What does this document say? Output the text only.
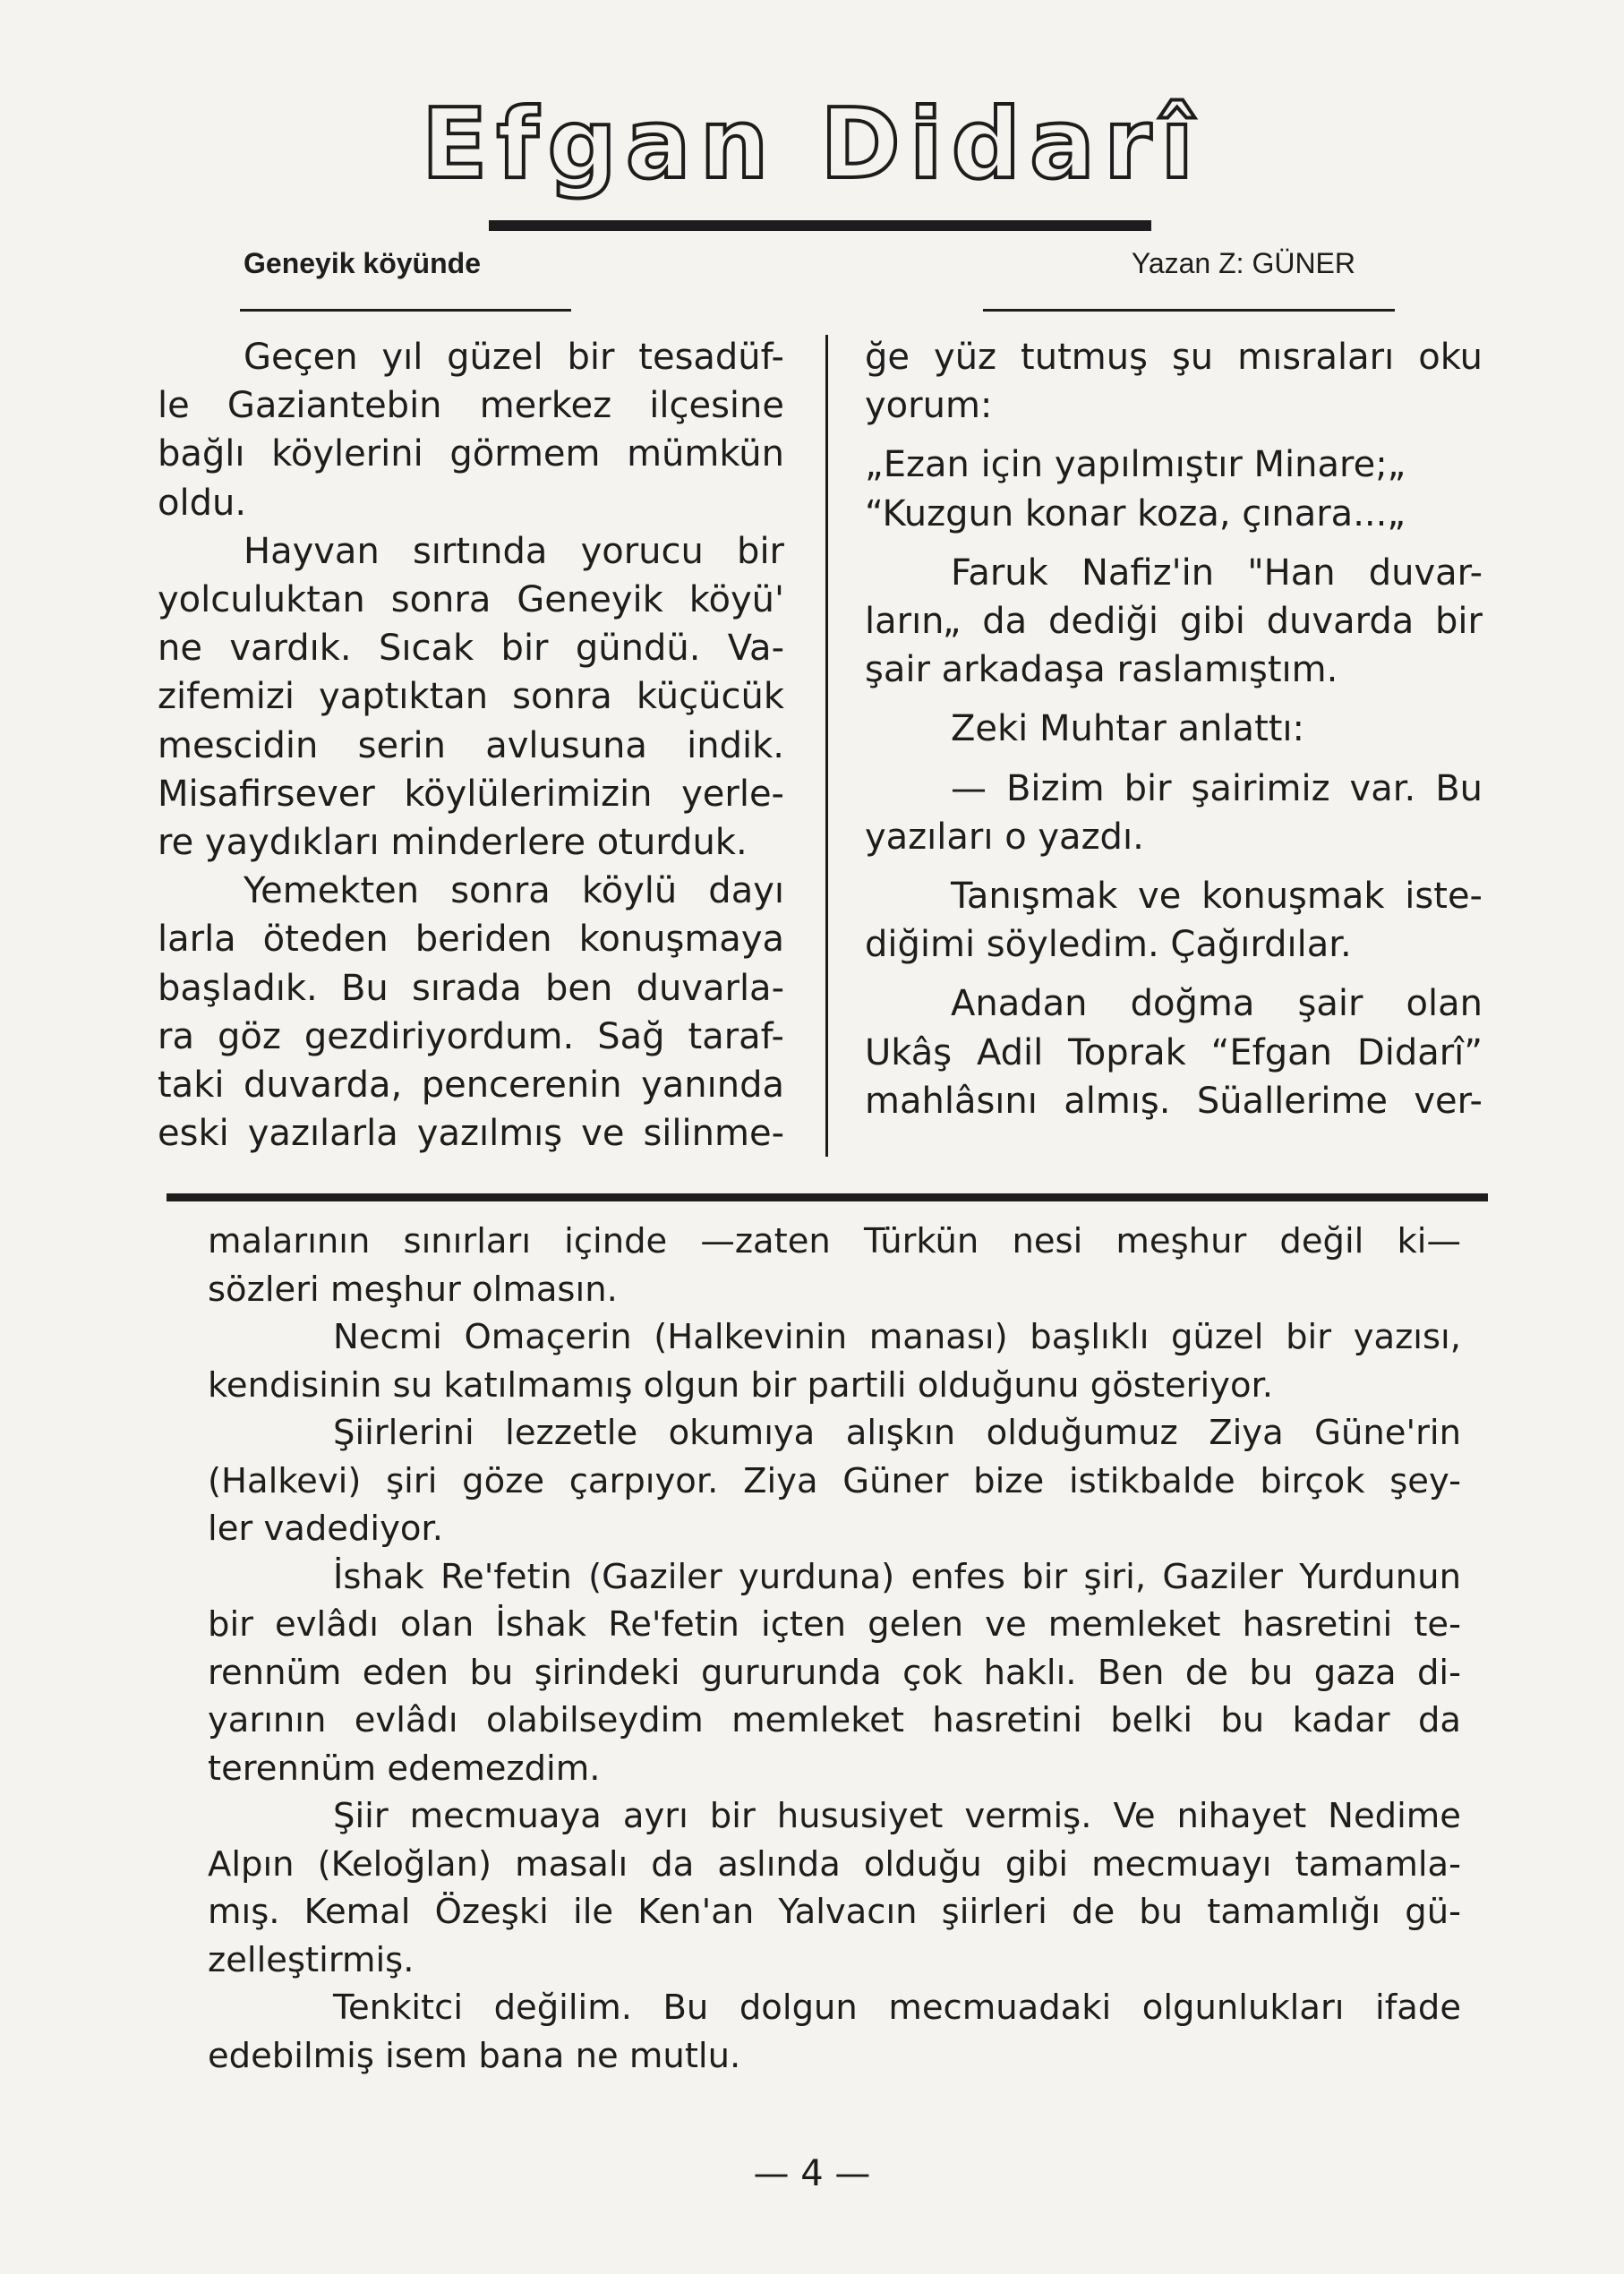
Efgan Didarî
Geneyik köyünde	Yazan Z: GÜNER
Geçen yıl güzel bir tesadüf-
le Gaziantebin merkez ilçesine
bağlı köylerini görmem mümkün
oldu.
Hayvan sırtında yorucu bir
yolculuktan sonra Geneyik köyü'
ne vardık. Sıcak bir gündü. Va-
zifemizi yaptıktan sonra küçücük
mescidin serin avlusuna indik.
Misafirsever köylülerimizin yerle-
re yaydıkları minderlere oturduk.
Yemekten sonra köylü dayı
larla öteden beriden konuşmaya
başladık. Bu sırada ben duvarla-
ra göz gezdiriyordum. Sağ taraf-
taki duvarda, pencerenin yanında
eski yazılarla yazılmış ve silinme-
ğe yüz tutmuş şu mısraları oku
yorum:
„Ezan için yapılmıştır Minare;„
“Kuzgun konar koza, çınara...„
Faruk Nafiz'in "Han duvar-
ların„ da dediği gibi duvarda bir
şair arkadaşa raslamıştım.
Zeki Muhtar anlattı:
— Bizim bir şairimiz var. Bu
yazıları o yazdı.
Tanışmak ve konuşmak iste-
diğimi söyledim. Çağırdılar.
Anadan doğma şair olan
Ukâş Adil Toprak “Efgan Didarî”
mahlâsını almış. Süallerime ver-
malarının sınırları içinde —zaten Türkün nesi meşhur değil ki—
sözleri meşhur olmasın.
Necmi Omaçerin (Halkevinin manası) başlıklı güzel bir yazısı,
kendisinin su katılmamış olgun bir partili olduğunu gösteriyor.
Şiirlerini lezzetle okumıya alışkın olduğumuz Ziya Güne'rin
(Halkevi) şiri göze çarpıyor. Ziya Güner bize istikbalde birçok şey-
ler vadediyor.
İshak Re'fetin (Gaziler yurduna) enfes bir şiri, Gaziler Yurdunun
bir evlâdı olan İshak Re'fetin içten gelen ve memleket hasretini te-
rennüm eden bu şirindeki gururunda çok haklı. Ben de bu gaza di-
yarının evlâdı olabilseydim memleket hasretini belki bu kadar da
terennüm edemezdim.
Şiir mecmuaya ayrı bir hususiyet vermiş. Ve nihayet Nedime
Alpın (Keloğlan) masalı da aslında olduğu gibi mecmuayı tamamla-
mış. Kemal Özeşki ile Ken'an Yalvacın şiirleri de bu tamamlığı gü-
zelleştirmiş.
Tenkitci değilim. Bu dolgun mecmuadaki olgunlukları ifade
edebilmiş isem bana ne mutlu.
— 4 —
